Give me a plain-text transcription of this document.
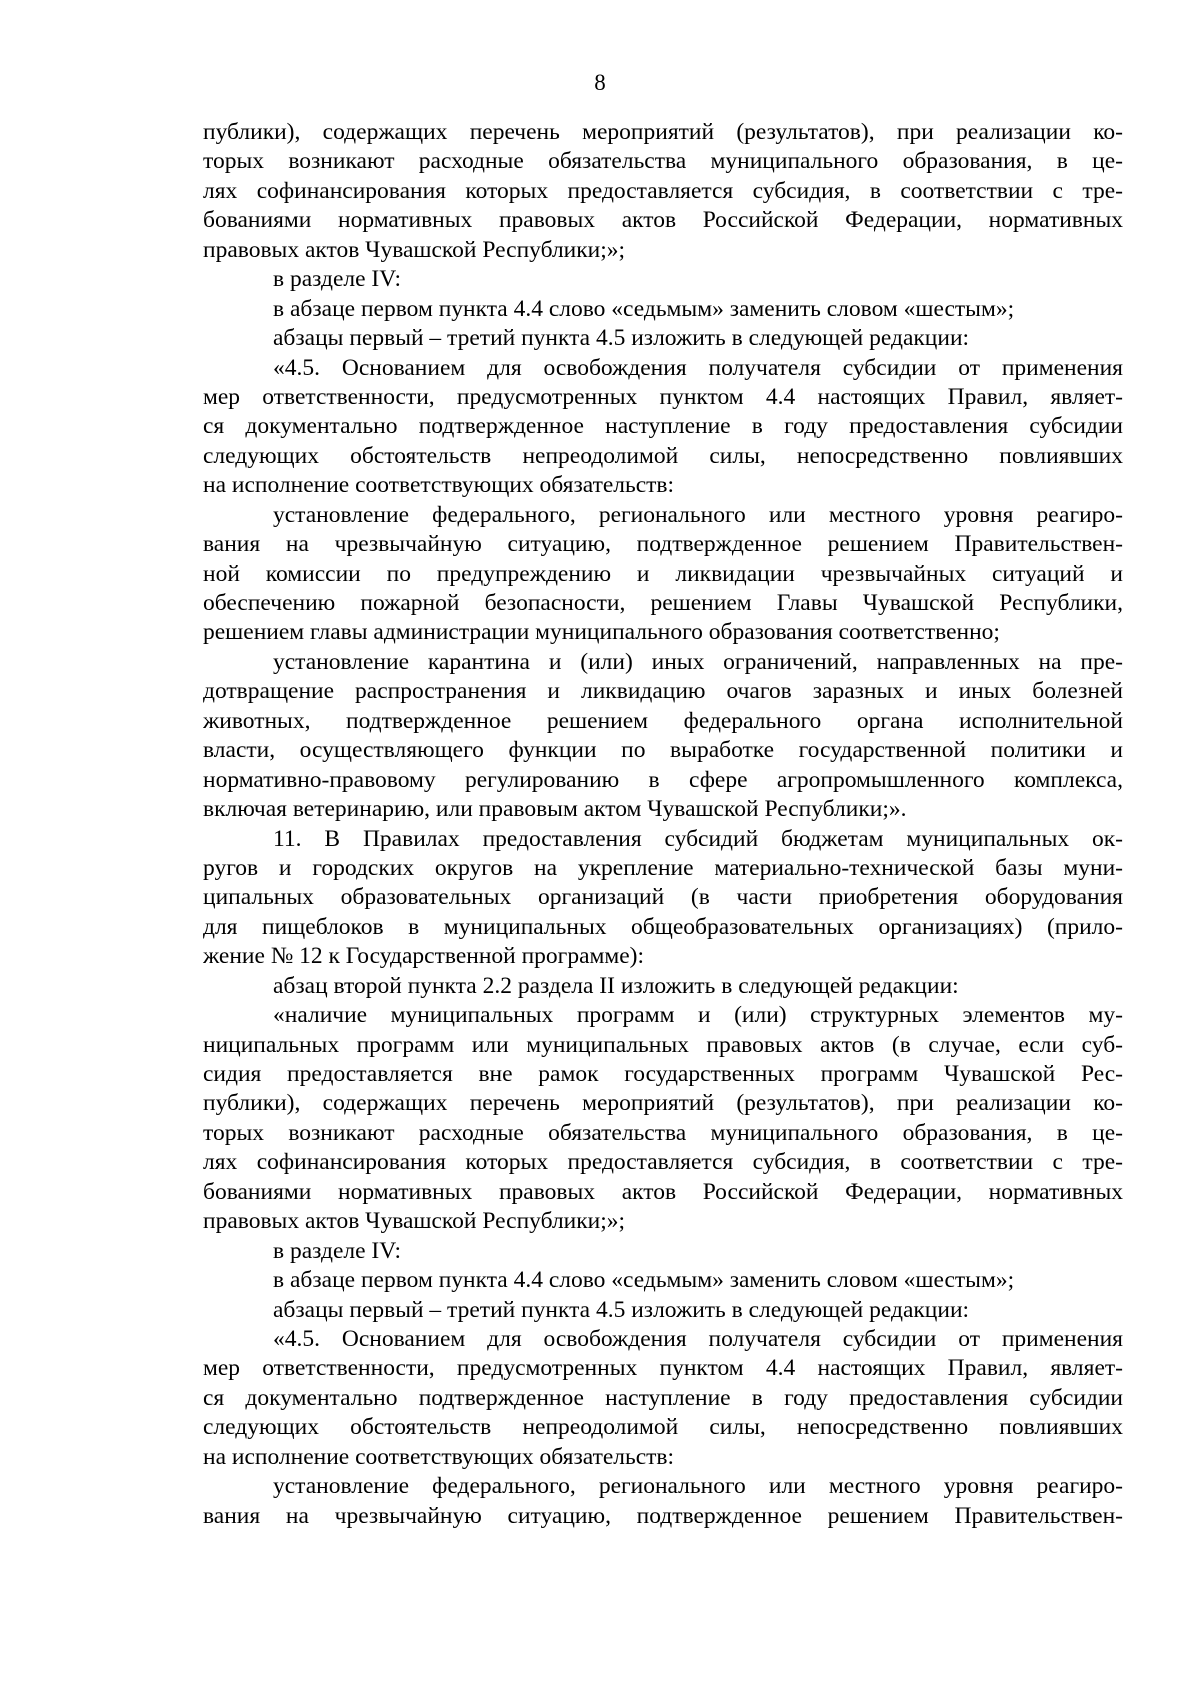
8
публики), содержащих перечень мероприятий (результатов), при реализации ко-
торых возникают расходные обязательства муниципального образования, в це-
лях софинансирования которых предоставляется субсидия, в соответствии с тре-
бованиями нормативных правовых актов Российской Федерации, нормативных
правовых актов Чувашской Республики;»;
в разделе IV:
в абзаце первом пункта 4.4 слово «седьмым» заменить словом «шестым»;
абзацы первый – третий пункта 4.5 изложить в следующей редакции:
«4.5. Основанием для освобождения получателя субсидии от применения
мер ответственности, предусмотренных пунктом 4.4 настоящих Правил, являет-
ся документально подтвержденное наступление в году предоставления субсидии
следующих обстоятельств непреодолимой силы, непосредственно повлиявших
на исполнение соответствующих обязательств:
установление федерального, регионального или местного уровня реагиро-
вания на чрезвычайную ситуацию, подтвержденное решением Правительствен-
ной комиссии по предупреждению и ликвидации чрезвычайных ситуаций и
обеспечению пожарной безопасности, решением Главы Чувашской Республики,
решением главы администрации муниципального образования соответственно;
установление карантина и (или) иных ограничений, направленных на пре-
дотвращение распространения и ликвидацию очагов заразных и иных болезней
животных, подтвержденное решением федерального органа исполнительной
власти, осуществляющего функции по выработке государственной политики и
нормативно-правовому регулированию в сфере агропромышленного комплекса,
включая ветеринарию, или правовым актом Чувашской Республики;».
11. В Правилах предоставления субсидий бюджетам муниципальных ок-
ругов и городских округов на укрепление материально-технической базы муни-
ципальных образовательных организаций (в части приобретения оборудования
для пищеблоков в муниципальных общеобразовательных организациях) (прило-
жение № 12 к Государственной программе):
абзац второй пункта 2.2 раздела II изложить в следующей редакции:
«наличие муниципальных программ и (или) структурных элементов му-
ниципальных программ или муниципальных правовых актов (в случае, если суб-
сидия предоставляется вне рамок государственных программ Чувашской Рес-
публики), содержащих перечень мероприятий (результатов), при реализации ко-
торых возникают расходные обязательства муниципального образования, в це-
лях софинансирования которых предоставляется субсидия, в соответствии с тре-
бованиями нормативных правовых актов Российской Федерации, нормативных
правовых актов Чувашской Республики;»;
в разделе IV:
в абзаце первом пункта 4.4 слово «седьмым» заменить словом «шестым»;
абзацы первый – третий пункта 4.5 изложить в следующей редакции:
«4.5. Основанием для освобождения получателя субсидии от применения
мер ответственности, предусмотренных пунктом 4.4 настоящих Правил, являет-
ся документально подтвержденное наступление в году предоставления субсидии
следующих обстоятельств непреодолимой силы, непосредственно повлиявших
на исполнение соответствующих обязательств:
установление федерального, регионального или местного уровня реагиро-
вания на чрезвычайную ситуацию, подтвержденное решением Правительствен-
